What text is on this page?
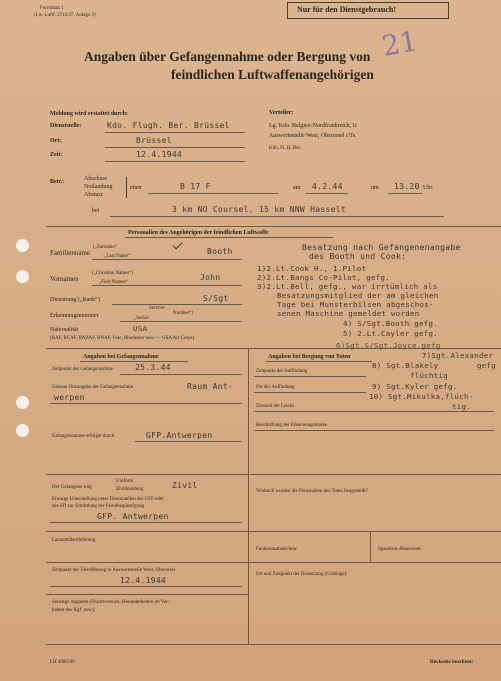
Formblatt 1
(Lw. Luftf. 2716.07, Anlage 3)
Nur für den Dienstgebrauch!
Angaben über Gefangennahme oder Bergung von
feindlichen Luftwaffenangehörigen
21
Meldung wird erstattet durch:
Dienststelle:	Kdo. Flugh. Ber. Brüssel
Ort:	Brüssel
Zeit:	12.4.1944
Verteiler:
Lg. Kdo. Belgien-Nordfrankreich, Ic
Auswertestelle West, Oberursel i/Ts.
Kdo. Fl. H. Ber.
Betr.:	Abschuss
Notlandung
Absturz
einer	B 17 F	am 4.2.44	um 13.20 Uhr.
bei	3 km NO Coursel, 15 km NNW Hasselt
Personalien des Angehörigen der feindlichen Luftwaffe
Familienname
(„Surname“
„Last Name“
Booth
Vornamen
(„Christian Names“)
„First Names“
John
Dienstrang („Rank“)	S/Sgt
Erkennungsnummer
Service-
„Serial-
Number“)
Nationalität	USA
(RAF, RCAF, RNZAF, RNAF, Fole, Rhodesier usw. — USA Air Corps)
Besatzung nach Gefangenenangabe
des Booth und Cook:
1)2.Lt.Cook H., 1.Pilot
2)2.Lt.Bangs Co-Pilot, gefg.
3)2.Lt.Bell, gefg., war irrtümlich als
Besatzungsmitglied der am gleichen
Tage bei Munsterbilsen abgeschos-
senen Maschine gemeldet worden
4) S/Sgt.Booth gefg.
5) 2.Lt.Cayler gefg.
6)Sgt.S/Sgt.Joyce,gefg
7)Sgt.Alexander
8) Sgt.Blakely	gefg
flüchtig
9) Sgt.Kyler gefg.
10) Sgt.Mikulka,flüch-
tig.
Angaben bei Gefangennahme
Zeitpunkt der Gefangennahme	25.3.44
Genaue Ortsangabe der Gefangennahme	Raum Ant-
werpen
Gefangennahme erfolgte durch	GFP.Antwerpen
Der Gefangene trug
Uniform
Zivilkleidung	Zivil
Etwaige Unterstellung unter Dienststellen der GFP oder
des SD zur Ermittlung der Feindbegünstigung
GFP. Antwerpen
Lazarettüberlieferung:
Zeitpunkt der Überführung in Auswertestelle West, Oberursel
12.4.1944
Sonstige Angaben (Fluchtversuch, Besonderheiten im Ver-
halten des Kgf. usw.):
LH 4080-00
Angaben bei Bergung von Toten
Zeitpunkt der Auffindung
Ort der Auffindung
Zustand der Leiche
Beschriftung der Erkennungsmarke
Wodurch wurden die Personalien des Toten festgestellt?
Funktionsabzeichen:	Spaudron-Abzeichen:
Ort und Zeitpunkt der Beisetzung (Grablage):
Rückseite beachten!
